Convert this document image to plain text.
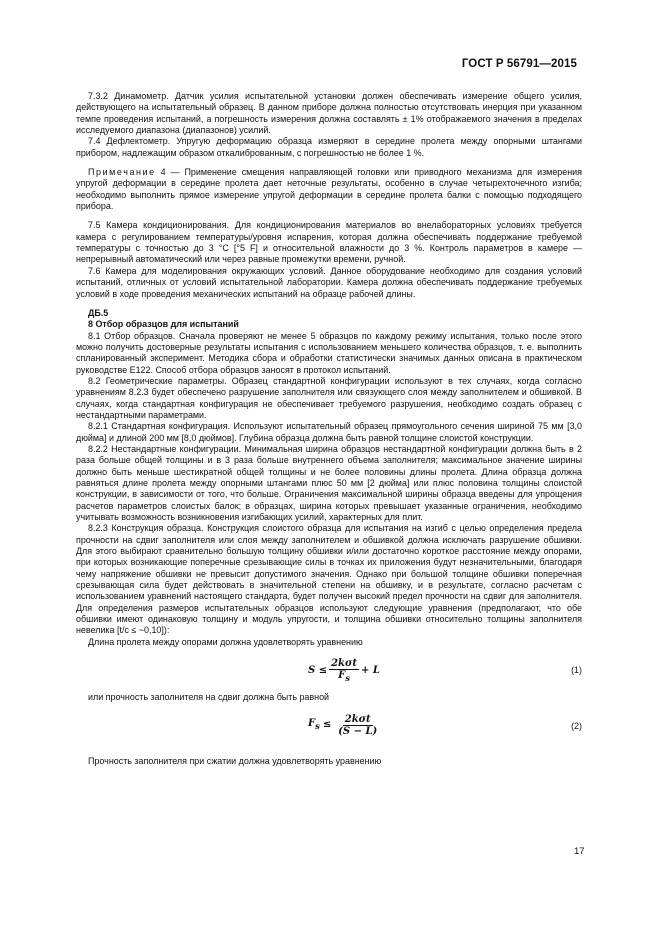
ГОСТ Р 56791—2015

7.3.2 Динамометр. Датчик усилия испытательной установки должен обеспечивать измерение общего усилия, действующего на испытательный образец. В данном приборе должна полностью отсутствовать инерция при указанном темпе проведения испытаний, а погрешность измерения должна составлять ± 1% отображаемого значения в пределах исследуемого диапазона (диапазонов) усилий.

7.4 Дефлектометр. Упругую деформацию образца измеряют в середине пролета между опорными штангами прибором, надлежащим образом откалиброванным, с погрешностью не более 1 %.

Примечание 4 — Применение смещения направляющей головки или приводного механизма для измерения упругой деформации в середине пролета дает неточные результаты, особенно в случае четырехточечного изгиба; необходимо выполнить прямое измерение упругой деформации в середине пролета балки с помощью подходящего прибора.

7.5 Камера кондиционирования. Для кондиционирования материалов во внелабораторных условиях требуется камера с регулированием температуры/уровня испарения, которая должна обеспечивать поддержание требуемой температуры с точностью до 3 °С [°5 F] и относительной влажности до 3 %. Контроль параметров в камере — непрерывный автоматический или через равные промежутки времени, ручной.

7.6 Камера для моделирования окружающих условий. Данное оборудование необходимо для создания условий испытаний, отличных от условий испытательной лаборатории. Камера должна обеспечивать поддержание требуемых условий в ходе проведения механических испытаний на образце рабочей длины.

ДБ.5

8 Отбор образцов для испытаний

8.1 Отбор образцов. Сначала проверяют не менее 5 образцов по каждому режиму испытания, только после этого можно получить достоверные результаты испытания с использованием меньшего количества образцов, т. е. выполнить спланированный эксперимент. Методика сбора и обработки статистически значимых данных описана в практическом руководстве Е122. Способ отбора образцов заносят в протокол испытаний.

8.2 Геометрические параметры. Образец стандартной конфигурации используют в тех случаях, когда согласно уравнениям 8.2.3 будет обеспечено разрушение заполнителя или связующего слоя между заполнителем и обшивкой. В случаях, когда стандартная конфигурация не обеспечивает требуемого разрушения, необходимо создать образец с нестандартными параметрами.

8.2.1 Стандартная конфигурация. Используют испытательный образец прямоугольного сечения шириной 75 мм [3,0 дюйма] и длиной 200 мм [8,0 дюймов]. Глубина образца должна быть равной толщине слоистой конструкции.

8.2.2 Нестандартные конфигурации. Минимальная ширина образцов нестандартной конфигурации должна быть в 2 раза больше общей толщины и в 3 раза больше внутреннего объема заполнителя; максимальное значение ширины должно быть меньше шестикратной общей толщины и не более половины длины пролета. Длина образца должна равняться длине пролета между опорными штангами плюс 50 мм [2 дюйма] или плюс половина толщины слоистой конструкции, в зависимости от того, что больше. Ограничения максимальной ширины образца введены для упрощения расчетов параметров слоистых балок; в образцах, ширина которых превышает указанные ограничения, необходимо учитывать возможность возникновения изгибающих усилий, характерных для плит.

8.2.3 Конструкция образца. Конструкция слоистого образца для испытания на изгиб с целью определения предела прочности на сдвиг заполнителя или слоя между заполнителем и обшивкой должна исключать разрушение обшивки. Для этого выбирают сравнительно большую толщину обшивки и/или достаточно короткое расстояние между опорами, при которых возникающие поперечные срезывающие силы в точках их приложения будут незначительными, благодаря чему напряжение обшивки не превысит допустимого значения. Однако при большой толщине обшивки поперечная срезывающая сила будет действовать в значительной степени на обшивку, и в результате, согласно расчетам с использованием уравнений настоящего стандарта, будет получен высокий предел прочности на сдвиг для заполнителя. Для определения размеров испытательных образцов используют следующие уравнения (предполагают, что обе обшивки имеют одинаковую толщину и модуль упругости, и толщина обшивки относительно толщины заполнителя невелика [t/c ≤ ~0,10]):

Длина пролета между опорами должна удовлетворять уравнению

$S \le \frac{\text{2kσt}}{F_s} + L$	(1)

или прочность заполнителя на сдвиг должна быть равной

$F_s \le \frac{\text{2kσt}}{(S - L)}$	(2)

Прочность заполнителя при сжатии должна удовлетворять уравнению

17
